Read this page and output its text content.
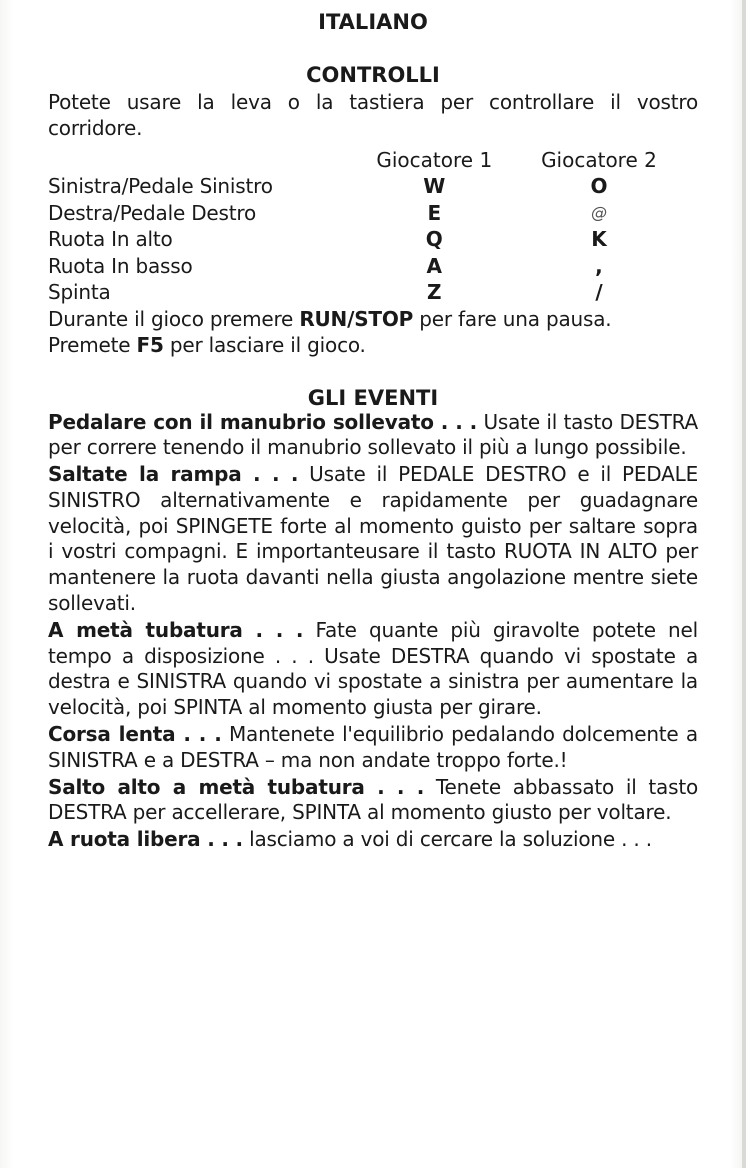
ITALIANO
CONTROLLI

Potete usare la leva o la tastiera per controllare il vostro corridore.

	Giocatore 1	Giocatore 2
Sinistra/Pedale Sinistro	W	O
Destra/Pedale Destro	E	@
Ruota In alto	Q	K
Ruota In basso	A	,
Spinta	Z	/

Durante il gioco premere RUN/STOP per fare una pausa.

Premete F5 per lasciare il gioco.

GLI EVENTI

Pedalare con il manubrio sollevato . . . Usate il tasto DESTRA per correre tenendo il manubrio sollevato il più a lungo possibile.

Saltate la rampa . . . Usate il PEDALE DESTRO e il PEDALE SINISTRO alternativamente e rapidamente per guadagnare velocità, poi SPINGETE forte al momento guisto per saltare sopra i vostri compagni. E importanteusare il tasto RUOTA IN ALTO per mantenere la ruota davanti nella giusta angolazione mentre siete sollevati.

A metà tubatura . . . Fate quante più giravolte potete nel tempo a disposizione . . . Usate DESTRA quando vi spostate a destra e SINISTRA quando vi spostate a sinistra per aumentare la velocità, poi SPINTA al momento giusta per girare.

Corsa lenta . . . Mantenete l'equilibrio pedalando dolcemente a SINISTRA e a DESTRA – ma non andate troppo forte.!

Salto alto a metà tubatura . . . Tenete abbassato il tasto DESTRA per accellerare, SPINTA al momento giusto per voltare.

A ruota libera . . . lasciamo a voi di cercare la soluzione . . .
